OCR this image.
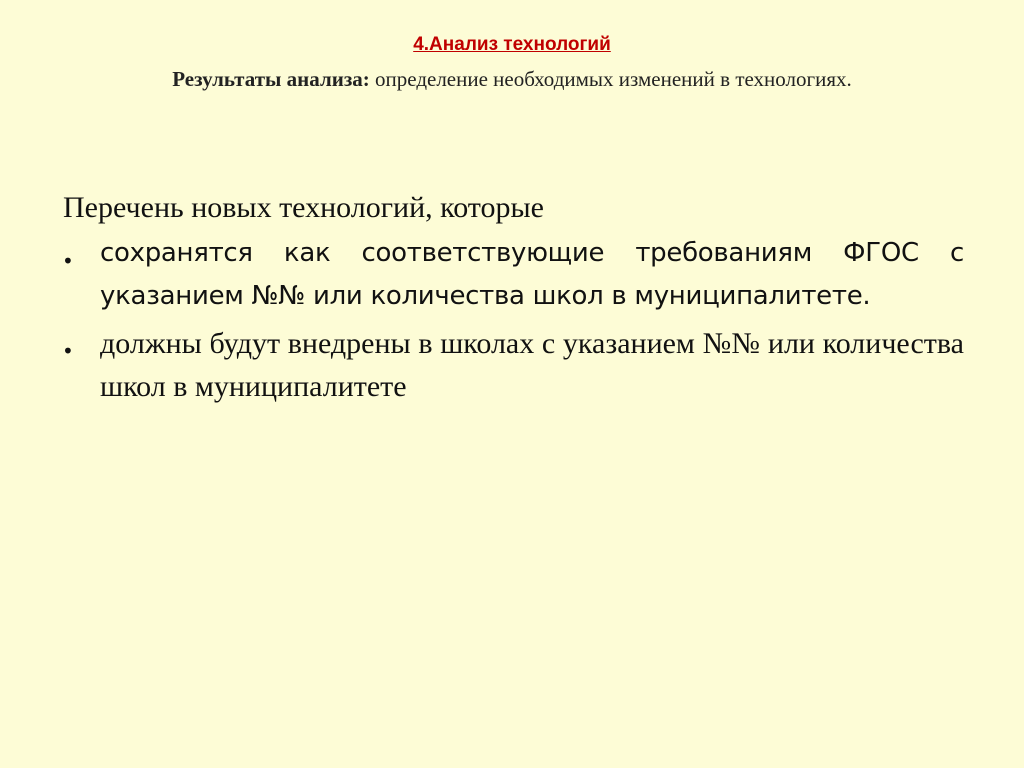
4.Анализ технологий
Результаты анализа: определение необходимых изменений в технологиях.
Перечень новых технологий, которые
• сохранятся как соответствующие требованиям ФГОС с указанием №№ или количества школ в муниципалитете.
• должны будут внедрены в школах с указанием №№ или количества школ в муниципалитете
